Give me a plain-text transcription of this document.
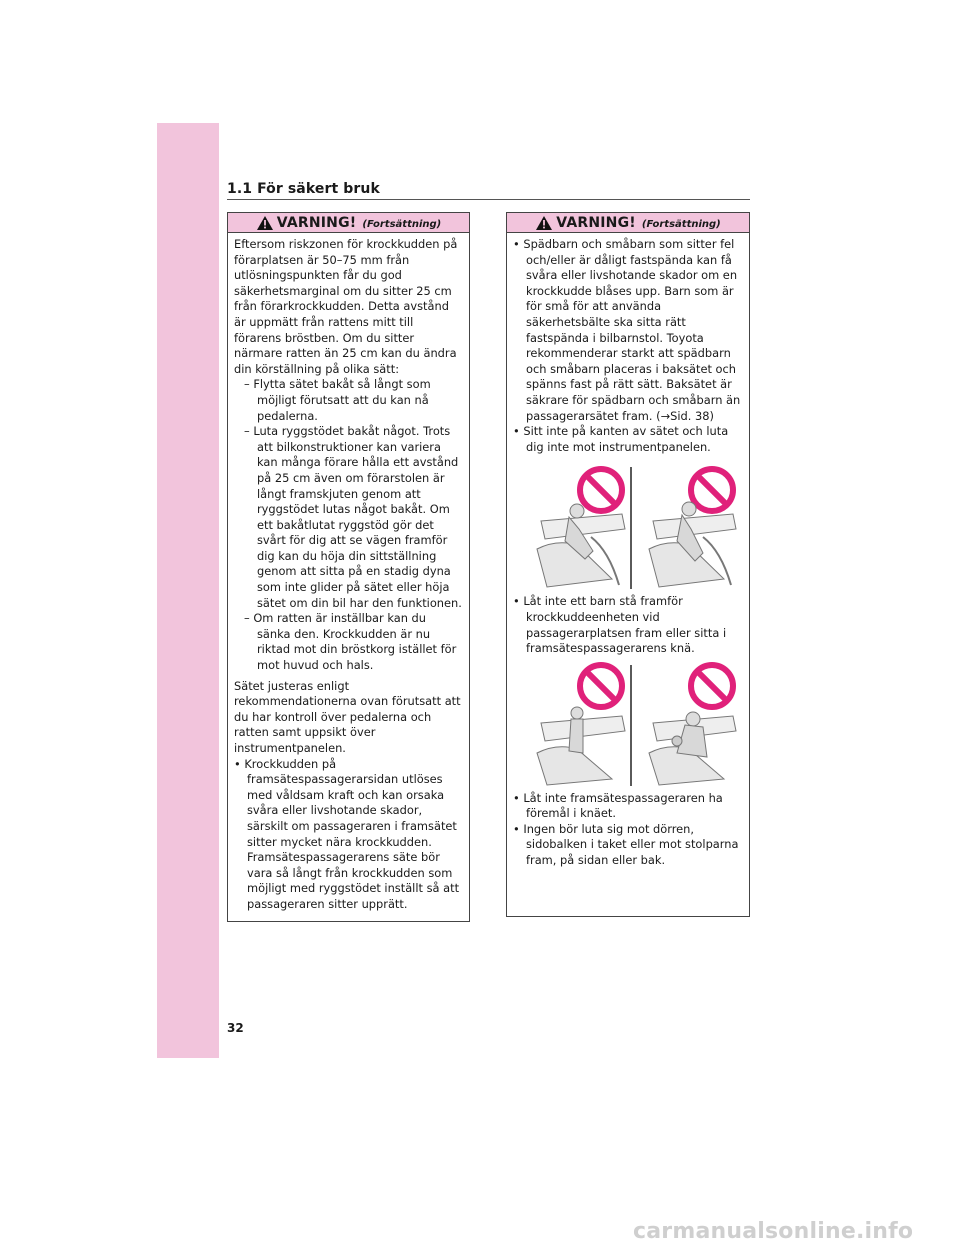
1.1 För säkert bruk
VARNING! (Fortsättning)

Eftersom riskzonen för krockkudden på förarplatsen är 50–75 mm från utlösningspunkten får du god säkerhetsmarginal om du sitter 25 cm från förarkrockkudden. Detta avstånd är uppmätt från rattens mitt till förarens bröstben. Om du sitter närmare ratten än 25 cm kan du ändra din körställning på olika sätt:

– Flytta sätet bakåt så långt som möjligt förutsatt att du kan nå pedalerna.

– Luta ryggstödet bakåt något. Trots att bilkonstruktioner kan variera kan många förare hålla ett avstånd på 25 cm även om förarstolen är långt framskjuten genom att ryggstödet lutas något bakåt. Om ett bakåtlutat ryggstöd gör det svårt för dig att se vägen framför dig kan du höja din sittställning genom att sitta på en stadig dyna som inte glider på sätet eller höja sätet om din bil har den funktionen.

– Om ratten är inställbar kan du sänka den. Krockkudden är nu riktad mot din bröstkorg istället för mot huvud och hals.

Sätet justeras enligt rekommendationerna ovan förutsatt att du har kontroll över pedalerna och ratten samt uppsikt över instrumentpanelen.

• Krockkudden på framsätespassagerarsidan utlöses med våldsam kraft och kan orsaka svåra eller livshotande skador, särskilt om passageraren i framsätet sitter mycket nära krockkudden. Framsätespassagerarens säte bör vara så långt från krockkudden som möjligt med ryggstödet inställt så att passageraren sitter upprätt.

VARNING! (Fortsättning)

• Spädbarn och småbarn som sitter fel och/eller är dåligt fastspända kan få svåra eller livshotande skador om en krockkudde blåses upp. Barn som är för små för att använda säkerhetsbälte ska sitta rätt fastspända i bilbarnstol. Toyota rekommenderar starkt att spädbarn och småbarn placeras i baksätet och spänns fast på rätt sätt. Baksätet är säkrare för spädbarn och småbarn än passagerarsätet fram. (→Sid. 38)

• Sitt inte på kanten av sätet och luta dig inte mot instrumentpanelen.

• Låt inte ett barn stå framför krockkuddeenheten vid passagerarplatsen fram eller sitta i framsätespassagerarens knä.

• Låt inte framsätespassageraren ha föremål i knäet.

• Ingen bör luta sig mot dörren, sidobalken i taket eller mot stolparna fram, på sidan eller bak.

32
carmanualsonline.info
